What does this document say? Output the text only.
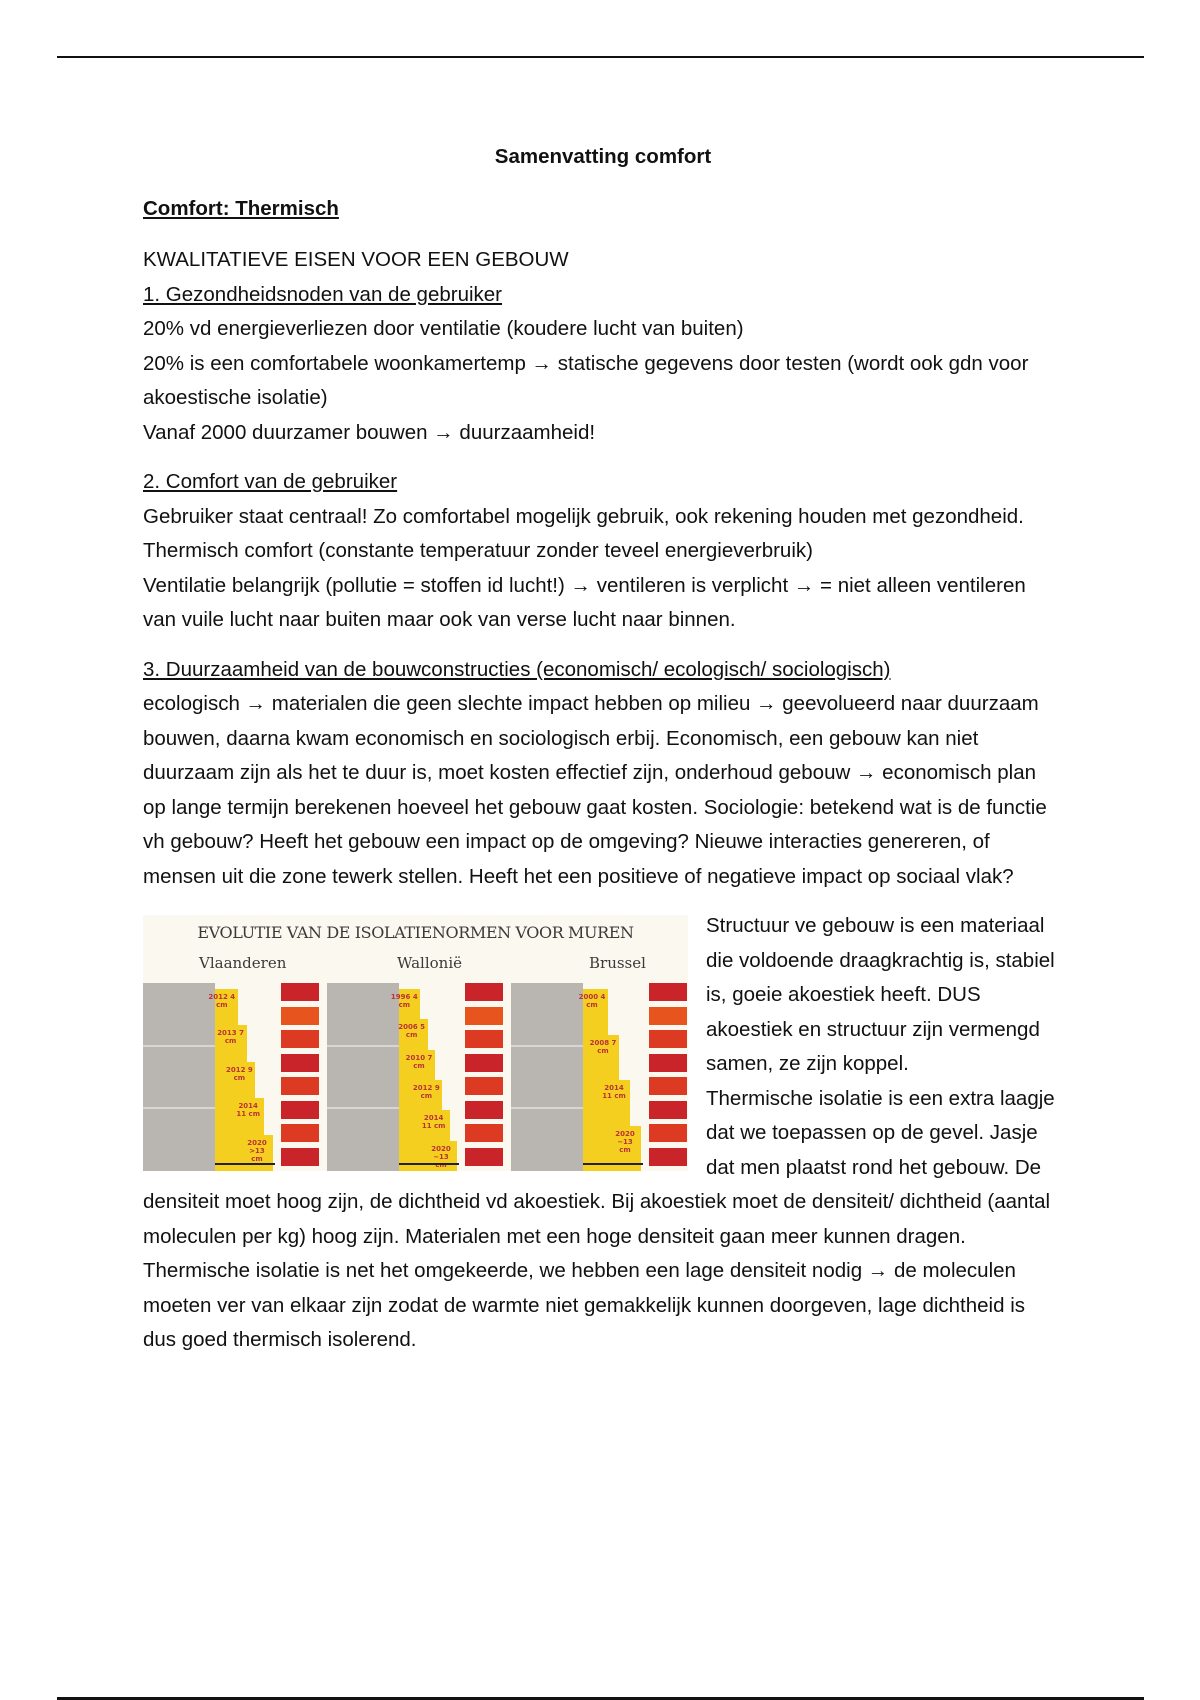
Samenvatting comfort

Comfort: Thermisch

KWALITATIEVE EISEN VOOR EEN GEBOUW

1. Gezondheidsnoden van de gebruiker

20% vd energieverliezen door ventilatie (koudere lucht van buiten)

20% is een comfortabele woonkamertemp → statische gegevens door testen (wordt ook gdn voor akoestische isolatie)

Vanaf 2000 duurzamer bouwen → duurzaamheid!

2. Comfort van de gebruiker

Gebruiker staat centraal! Zo comfortabel mogelijk gebruik, ook rekening houden met gezondheid.

Thermisch comfort (constante temperatuur zonder teveel energieverbruik)

Ventilatie belangrijk (pollutie = stoffen id lucht!) → ventileren is verplicht → = niet alleen ventileren van vuile lucht naar buiten maar ook van verse lucht naar binnen.

3. Duurzaamheid van de bouwconstructies (economisch/ ecologisch/ sociologisch)

ecologisch → materialen die geen slechte impact hebben op milieu → geevolueerd naar duurzaam bouwen, daarna kwam economisch en sociologisch erbij. Economisch, een gebouw kan niet duurzaam zijn als het te duur is, moet kosten effectief zijn, onderhoud gebouw → economisch plan op lange termijn berekenen hoeveel het gebouw gaat kosten. Sociologie: betekend wat is de functie vh gebouw? Heeft het gebouw een impact op de omgeving? Nieuwe interacties genereren, of mensen uit die zone tewerk stellen. Heeft het een positieve of negatieve impact op sociaal vlak?

EVOLUTIE VAN DE ISOLATIENORMEN VOOR MUREN
Vlaanderen	Wallonië	Brussel
2012 4 cm
2013 7 cm
2012 9 cm
2014 11 cm
2020 >13 cm
1996 4 cm
2006 5 cm
2010 7 cm
2012 9 cm
2014 11 cm
2020 ~13
2000 4 cm
2008 7 cm
2014 11 cm
2020 ~13 cm

Structuur ve gebouw is een materiaal die voldoende draagkrachtig is, stabiel is, goeie akoestiek heeft. DUS akoestiek en structuur zijn vermengd samen, ze zijn koppel.

Thermische isolatie is een extra laagje dat we toepassen op de gevel. Jasje dat men plaatst rond het gebouw. De densiteit moet hoog zijn, de dichtheid vd akoestiek. Bij akoestiek moet de densiteit/ dichtheid (aantal moleculen per kg) hoog zijn. Materialen met een hoge densiteit gaan meer kunnen dragen. Thermische isolatie is net het omgekeerde, we hebben een lage densiteit nodig → de moleculen moeten ver van elkaar zijn zodat de warmte niet gemakkelijk kunnen doorgeven, lage dichtheid is dus goed thermisch isolerend.
